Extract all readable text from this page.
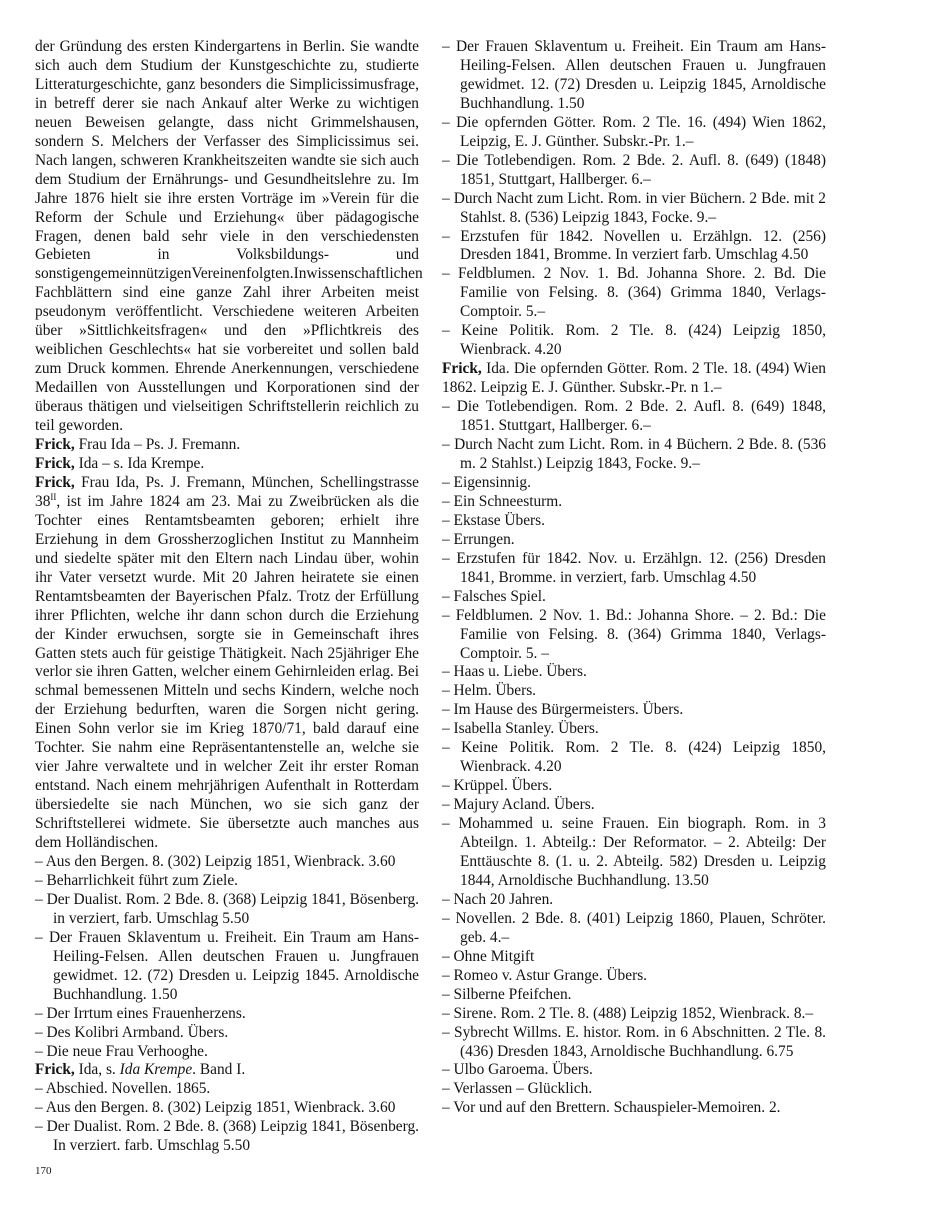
der Gründung des ersten Kindergartens in Berlin. Sie wandte sich auch dem Studium der Kunstgeschichte zu, studierte Litteraturgeschichte, ganz besonders die Simplicissimusfrage, in betreff derer sie nach Ankauf alter Werke zu wichtigen neuen Beweisen gelangte, dass nicht Grimmelshausen, sondern S. Melchers der Verfasser des Simplicissimus sei. Nach langen, schweren Krankheitszeiten wandte sie sich auch dem Studium der Ernährungs- und Gesundheitslehre zu. Im Jahre 1876 hielt sie ihre ersten Vorträge im »Verein für die Reform der Schule und Erziehung« über pädagogische Fragen, denen bald sehr viele in den verschiedensten Gebieten in Volksbildungs- und sonstigengemeinnützigenVereinenfolgten.Inwissenschaftlichen Fachblättern sind eine ganze Zahl ihrer Arbeiten meist pseudonym veröffentlicht. Verschiedene weiteren Arbeiten über »Sittlichkeitsfragen« und den »Pflichtkreis des weiblichen Geschlechts« hat sie vorbereitet und sollen bald zum Druck kommen. Ehrende Anerkennungen, verschiedene Medaillen von Ausstellungen und Korporationen sind der überaus thätigen und vielseitigen Schriftstellerin reichlich zu teil geworden.

Frick, Frau Ida – Ps. J. Fremann.

Frick, Ida – s. Ida Krempe.

Frick, Frau Ida, Ps. J. Fremann, München, Schellingstrasse $38^{II}$, ist im Jahre 1824 am 23. Mai zu Zweibrücken als die Tochter eines Rentamtsbeamten geboren; erhielt ihre Erziehung in dem Grossherzoglichen Institut zu Mannheim und siedelte später mit den Eltern nach Lindau über, wohin ihr Vater versetzt wurde. Mit 20 Jahren heiratete sie einen Rentamtsbeamten der Bayerischen Pfalz. Trotz der Erfüllung ihrer Pflichten, welche ihr dann schon durch die Erziehung der Kinder erwuchsen, sorgte sie in Gemeinschaft ihres Gatten stets auch für geistige Thätigkeit. Nach 25jähriger Ehe verlor sie ihren Gatten, welcher einem Gehirnleiden erlag. Bei schmal bemessenen Mitteln und sechs Kindern, welche noch der Erziehung bedurften, waren die Sorgen nicht gering. Einen Sohn verlor sie im Krieg 1870/71, bald darauf eine Tochter. Sie nahm eine Repräsentantenstelle an, welche sie vier Jahre verwaltete und in welcher Zeit ihr erster Roman entstand. Nach einem mehrjährigen Aufenthalt in Rotterdam übersiedelte sie nach München, wo sie sich ganz der Schriftstellerei widmete. Sie übersetzte auch manches aus dem Holländischen.

– Aus den Bergen. 8. (302) Leipzig 1851, Wienbrack. 3.60
– Beharrlichkeit führt zum Ziele.
– Der Dualist. Rom. 2 Bde. 8. (368) Leipzig 1841, Bösenberg. in verziert, farb. Umschlag 5.50
– Der Frauen Sklaventum u. Freiheit. Ein Traum am Hans-Heiling-Felsen. Allen deutschen Frauen u. Jungfrauen gewidmet. 12. (72) Dresden u. Leipzig 1845. Arnoldische Buchhandlung. 1.50
– Der Irrtum eines Frauenherzens.
– Des Kolibri Armband. Übers.
– Die neue Frau Verhooghe.

Frick, Ida, s. Ida Krempe. Band I.

– Abschied. Novellen. 1865.
– Aus den Bergen. 8. (302) Leipzig 1851, Wienbrack. 3.60
– Der Dualist. Rom. 2 Bde. 8. (368) Leipzig 1841, Bösenberg. In verziert. farb. Umschlag 5.50
– Der Frauen Sklaventum u. Freiheit. Ein Traum am Hans-Heiling-Felsen. Allen deutschen Frauen u. Jungfrauen gewidmet. 12. (72) Dresden u. Leipzig 1845, Arnoldische Buchhandlung. 1.50
– Die opfernden Götter. Rom. 2 Tle. 16. (494) Wien 1862, Leipzig, E. J. Günther. Subskr.-Pr. 1.–
– Die Totlebendigen. Rom. 2 Bde. 2. Aufl. 8. (649) (1848) 1851, Stuttgart, Hallberger. 6.–
– Durch Nacht zum Licht. Rom. in vier Büchern. 2 Bde. mit 2 Stahlst. 8. (536) Leipzig 1843, Focke. 9.–
– Erzstufen für 1842. Novellen u. Erzählgn. 12. (256) Dresden 1841, Bromme. In verziert farb. Umschlag 4.50
– Feldblumen. 2 Nov. 1. Bd. Johanna Shore. 2. Bd. Die Familie von Felsing. 8. (364) Grimma 1840, Verlags-Comptoir. 5.–
– Keine Politik. Rom. 2 Tle. 8. (424) Leipzig 1850, Wienbrack. 4.20

Frick, Ida. Die opfernden Götter. Rom. 2 Tle. 18. (494) Wien 1862. Leipzig E. J. Günther. Subskr.-Pr. n 1.–

– Die Totlebendigen. Rom. 2 Bde. 2. Aufl. 8. (649) 1848, 1851. Stuttgart, Hallberger. 6.–
– Durch Nacht zum Licht. Rom. in 4 Büchern. 2 Bde. 8. (536 m. 2 Stahlst.) Leipzig 1843, Focke. 9.–
– Eigensinnig.
– Ein Schneesturm.
– Ekstase Übers.
– Errungen.
– Erzstufen für 1842. Nov. u. Erzählgn. 12. (256) Dresden 1841, Bromme. in verziert, farb. Umschlag 4.50
– Falsches Spiel.
– Feldblumen. 2 Nov. 1. Bd.: Johanna Shore. – 2. Bd.: Die Familie von Felsing. 8. (364) Grimma 1840, Verlags-Comptoir. 5. –
– Haas u. Liebe. Übers.
– Helm. Übers.
– Im Hause des Bürgermeisters. Übers.
– Isabella Stanley. Übers.
– Keine Politik. Rom. 2 Tle. 8. (424) Leipzig 1850, Wienbrack. 4.20
– Krüppel. Übers.
– Majury Acland. Übers.
– Mohammed u. seine Frauen. Ein biograph. Rom. in 3 Abteilgn. 1. Abteilg.: Der Reformator. – 2. Abteilg: Der Enttäuschte 8. (1. u. 2. Abteilg. 582) Dresden u. Leipzig 1844, Arnoldische Buchhandlung. 13.50
– Nach 20 Jahren.
– Novellen. 2 Bde. 8. (401) Leipzig 1860, Plauen, Schröter. geb. 4.–
– Ohne Mitgift
– Romeo v. Astur Grange. Übers.
– Silberne Pfeifchen.
– Sirene. Rom. 2 Tle. 8. (488) Leipzig 1852, Wienbrack. 8.–
– Sybrecht Willms. E. histor. Rom. in 6 Abschnitten. 2 Tle. 8. (436) Dresden 1843, Arnoldische Buchhandlung. 6.75
– Ulbo Garoema. Übers.
– Verlassen – Glücklich.
– Vor und auf den Brettern. Schauspieler-Memoiren. 2.
170
